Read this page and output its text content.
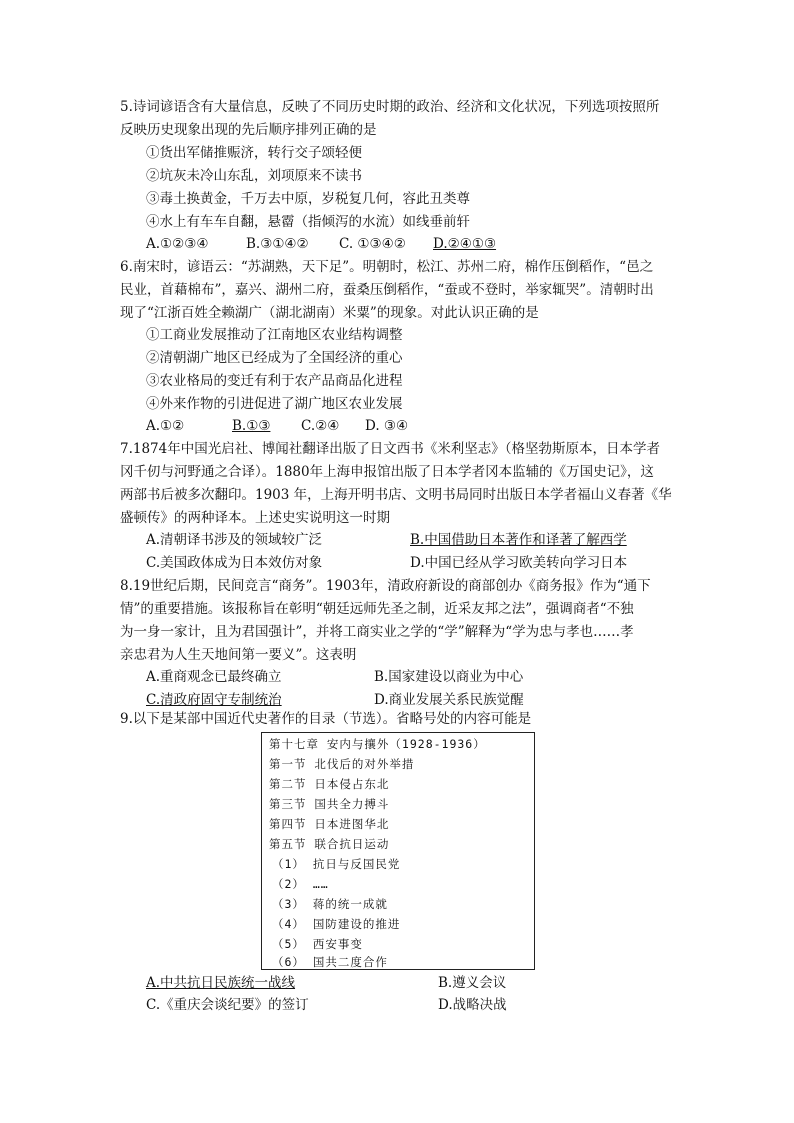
5.诗词谚语含有大量信息，反映了不同历史时期的政治、经济和文化状况，下列选项按照所
反映历史现象出现的先后顺序排列正确的是
①货出军储推赈济，转行交子颂轻便
②坑灰未冷山东乱，刘项原来不读书
③毒土换黄金，千万去中原，岁税复几何，容此丑类尊
④水上有车车自翻，悬霤（指倾泻的水流）如线垂前轩
A.①②③④	B.③①④② C. ①③④② D.②④①③
6.南宋时，谚语云：“苏湖熟，天下足”。明朝时，松江、苏州二府，棉作压倒稻作，“邑之
民业，首藉棉布”，嘉兴、湖州二府，蚕桑压倒稻作，“蚕或不登时，举家辄哭”。清朝时出
现了“江浙百姓全赖湖广（湖北湖南）米粟”的现象。对此认识正确的是
①工商业发展推动了江南地区农业结构调整
②清朝湖广地区已经成为了全国经济的重心
③农业格局的变迁有利于农产品商品化进程
④外来作物的引进促进了湖广地区农业发展
A.①②	B.①③ C.②④ D. ③④
7.1874年中国光启社、博闻社翻译出版了日文西书《米利坚志》（格坚勃斯原本，日本学者
冈千仞与河野通之合译）。1880年上海申报馆出版了日本学者冈本监辅的《万国史记》，这
两部书后被多次翻印。1903 年，上海开明书店、文明书局同时出版日本学者福山义春著《华
盛顿传》的两种译本。上述史实说明这一时期
A.清朝译书涉及的领域较广泛	B.中国借助日本著作和译著了解西学
C.美国政体成为日本效仿对象	D.中国已经从学习欧美转向学习日本
8.19世纪后期，民间竞言“商务”。1903年，清政府新设的商部创办《商务报》作为“通下
情”的重要措施。该报称旨在彰明“朝廷远师先圣之制，近采友邦之法”，强调商者“不独
为一身一家计，且为君国强计”，并将工商实业之学的“学”解释为“学为忠与孝也……孝
亲忠君为人生天地间第一要义”。这表明
A.重商观念已最终确立	B.国家建设以商业为中心
C.清政府固守专制统治	D.商业发展关系民族觉醒
9.以下是某部中国近代史著作的目录（节选）。省略号处的内容可能是
第十七章 安内与攘外（1928-1936）
第一节 北伐后的对外举措
第二节 日本侵占东北
第三节 国共全力搏斗
第四节 日本进图华北
第五节 联合抗日运动
（1） 抗日与反国民党
（2） ……
（3） 蒋的统一成就
（4） 国防建设的推进
（5） 西安事变
（6） 国共二度合作
A.中共抗日民族统一战线	B.遵义会议
C.《重庆会谈纪要》的签订	D.战略决战
